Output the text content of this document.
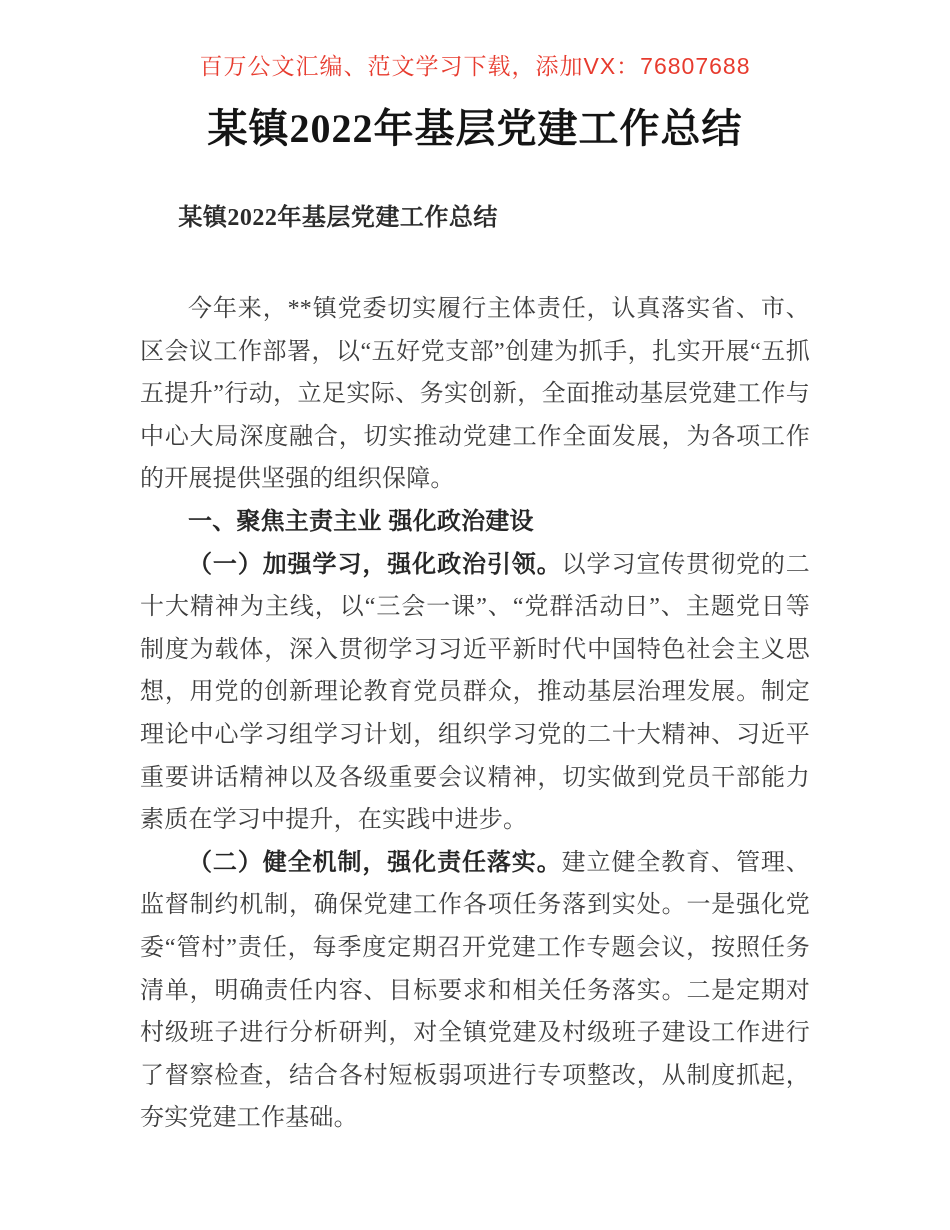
百万公文汇编、范文学习下载，添加VX：76807688
某镇2022年基层党建工作总结
某镇2022年基层党建工作总结

今年来，**镇党委切实履行主体责任，认真落实省、市、区会议工作部署，以“五好党支部”创建为抓手，扎实开展“五抓五提升”行动，立足实际、务实创新，全面推动基层党建工作与中心大局深度融合，切实推动党建工作全面发展，为各项工作的开展提供坚强的组织保障。

一、聚焦主责主业 强化政治建设

（一）加强学习，强化政治引领。以学习宣传贯彻党的二十大精神为主线，以“三会一课”、“党群活动日”、主题党日等制度为载体，深入贯彻学习习近平新时代中国特色社会主义思想，用党的创新理论教育党员群众，推动基层治理发展。制定理论中心学习组学习计划，组织学习党的二十大精神、习近平重要讲话精神以及各级重要会议精神，切实做到党员干部能力素质在学习中提升，在实践中进步。

（二）健全机制，强化责任落实。建立健全教育、管理、监督制约机制，确保党建工作各项任务落到实处。一是强化党委“管村”责任，每季度定期召开党建工作专题会议，按照任务清单，明确责任内容、目标要求和相关任务落实。二是定期对村级班子进行分析研判，对全镇党建及村级班子建设工作进行了督察检查，结合各村短板弱项进行专项整改，从制度抓起，夯实党建工作基础。
